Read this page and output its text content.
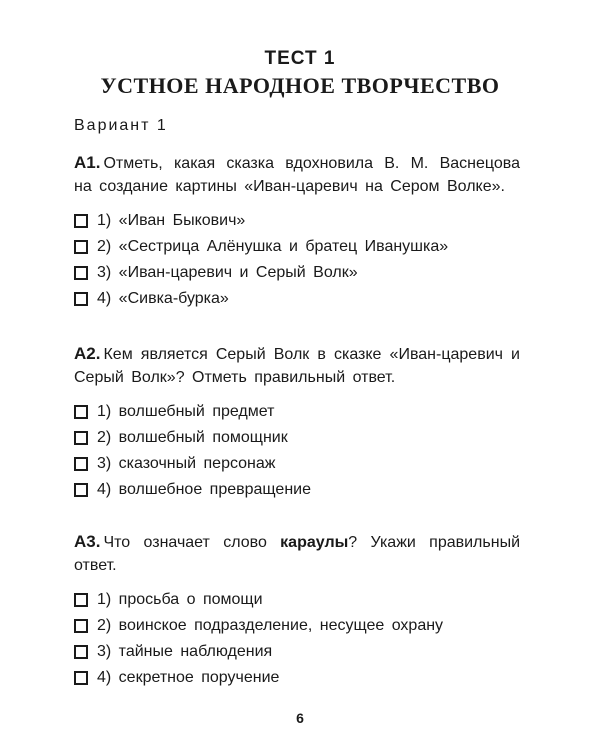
ТЕСТ 1
УСТНОЕ НАРОДНОЕ ТВОРЧЕСТВО
Вариант 1
А1. Отметь, какая сказка вдохновила В. М. Васнецова на создание картины «Иван-царевич на Сером Волке».
1) «Иван Быкович»
2) «Сестрица Алёнушка и братец Иванушка»
3) «Иван-царевич и Серый Волк»
4) «Сивка-бурка»
А2. Кем является Серый Волк в сказке «Иван-царевич и Серый Волк»? Отметь правильный ответ.
1) волшебный предмет
2) волшебный помощник
3) сказочный персонаж
4) волшебное превращение
А3. Что означает слово караулы? Укажи правильный ответ.
1) просьба о помощи
2) воинское подразделение, несущее охрану
3) тайные наблюдения
4) секретное поручение
6
